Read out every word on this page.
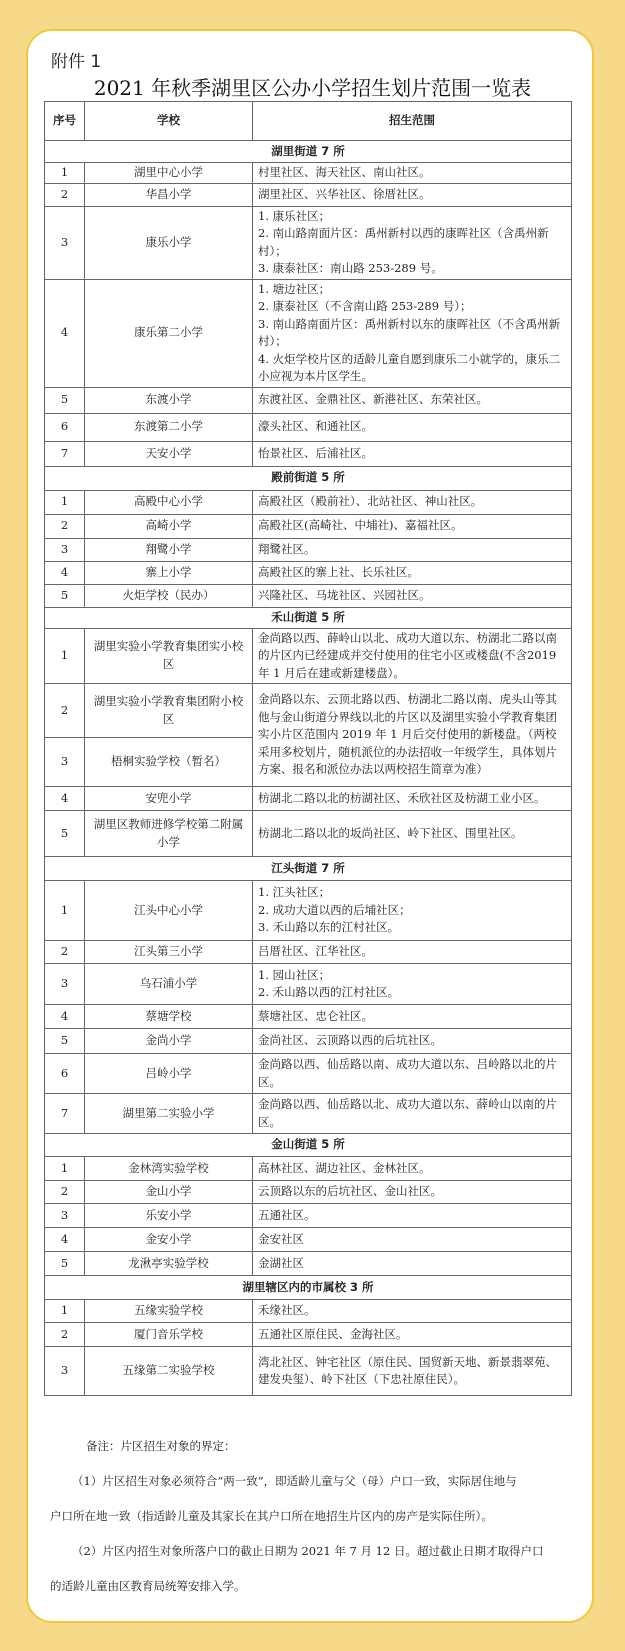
附件 1
2021 年秋季湖里区公办小学招生划片范围一览表
序号	学校	招生范围
湖里街道 7 所		
1	湖里中心小学	村里社区、海天社区、南山社区。

2	华昌小学	湖里社区、兴华社区、徐厝社区。

3	康乐小学	1. 康乐社区；
2. 南山路南面片区：禹州新村以西的康晖社区（含禹州新村）；
3. 康泰社区：南山路 253-289 号。

4	康乐第二小学	1. 塘边社区；
2. 康泰社区（不含南山路 253-289 号）；
3. 南山路南面片区：禹州新村以东的康晖社区（不含禹州新村）；
4. 火炬学校片区的适龄儿童自愿到康乐二小就学的，康乐二小应视为本片区学生。

5	东渡小学	东渡社区、金鼎社区、新港社区、东荣社区。

6	东渡第二小学	濠头社区、和通社区。

7	天安小学	怡景社区、后浦社区。

殿前街道 5 所		
1	高殿中心小学	高殿社区（殿前社）、北站社区、神山社区。

2	高崎小学	高殿社区(高崎社、中埔社)、嘉福社区。

3	翔鹭小学	翔鹭社区。

4	寨上小学	高殿社区的寨上社、长乐社区。

5	火炬学校（民办）	兴隆社区、马垅社区、兴园社区。

禾山街道 5 所		
1	湖里实验小学教育集团实小校区	金尚路以西、薛岭山以北、成功大道以东、枋湖北二路以南的片区内已经建成并交付使用的住宅小区或楼盘(不含2019 年 1 月后在建或新建楼盘）。

2	湖里实验小学教育集团附小校区	金尚路以东、云顶北路以西、枋湖北二路以南、虎头山等其他与金山街道分界线以北的片区以及湖里实验小学教育集团实小片区范围内 2019 年 1 月后交付使用的新楼盘。（两校采用多校划片，随机派位的办法招收一年级学生，具体划片方案、报名和派位办法以两校招生简章为准）

3	梧桐实验学校（暂名）	
4	安兜小学	枋湖北二路以北的枋湖社区、禾欣社区及枋湖工业小区。

5	湖里区教师进修学校第二附属小学	枋湖北二路以北的坂尚社区、岭下社区、围里社区。

江头街道 7 所		
1	江头中心小学	1. 江头社区；
2. 成功大道以西的后埔社区；
3. 禾山路以东的江村社区。

2	江头第三小学	吕厝社区、江华社区。

3	乌石浦小学	1. 园山社区；
2. 禾山路以西的江村社区。

4	蔡塘学校	蔡塘社区、忠仑社区。

5	金尚小学	金尚社区、云顶路以西的后坑社区。

6	吕岭小学	金尚路以西、仙岳路以南、成功大道以东、吕岭路以北的片区。

7	湖里第二实验小学	金尚路以西、仙岳路以北、成功大道以东、薛岭山以南的片区。

金山街道 5 所		
1	金林湾实验学校	高林社区、湖边社区、金林社区。

2	金山小学	云顶路以东的后坑社区、金山社区。

3	乐安小学	五通社区。

4	金安小学	金安社区

5	龙湫亭实验学校	金湖社区

湖里辖区内的市属校 3 所		
1	五缘实验学校	禾缘社区。

2	厦门音乐学校	五通社区原住民、金海社区。

3	五缘第二实验学校	湾北社区、钟宅社区（原住民、国贸新天地、新景翡翠苑、建发央玺）、岭下社区（下忠社原住民）。

备注：片区招生对象的界定：

（1）片区招生对象必须符合“两一致”，即适龄儿童与父（母）户口一致，实际居住地与

户口所在地一致（指适龄儿童及其家长在其户口所在地招生片区内的房产是实际住所）。

（2）片区内招生对象所落户口的截止日期为 2021 年 7 月 12 日。超过截止日期才取得户口

的适龄儿童由区教育局统筹安排入学。
